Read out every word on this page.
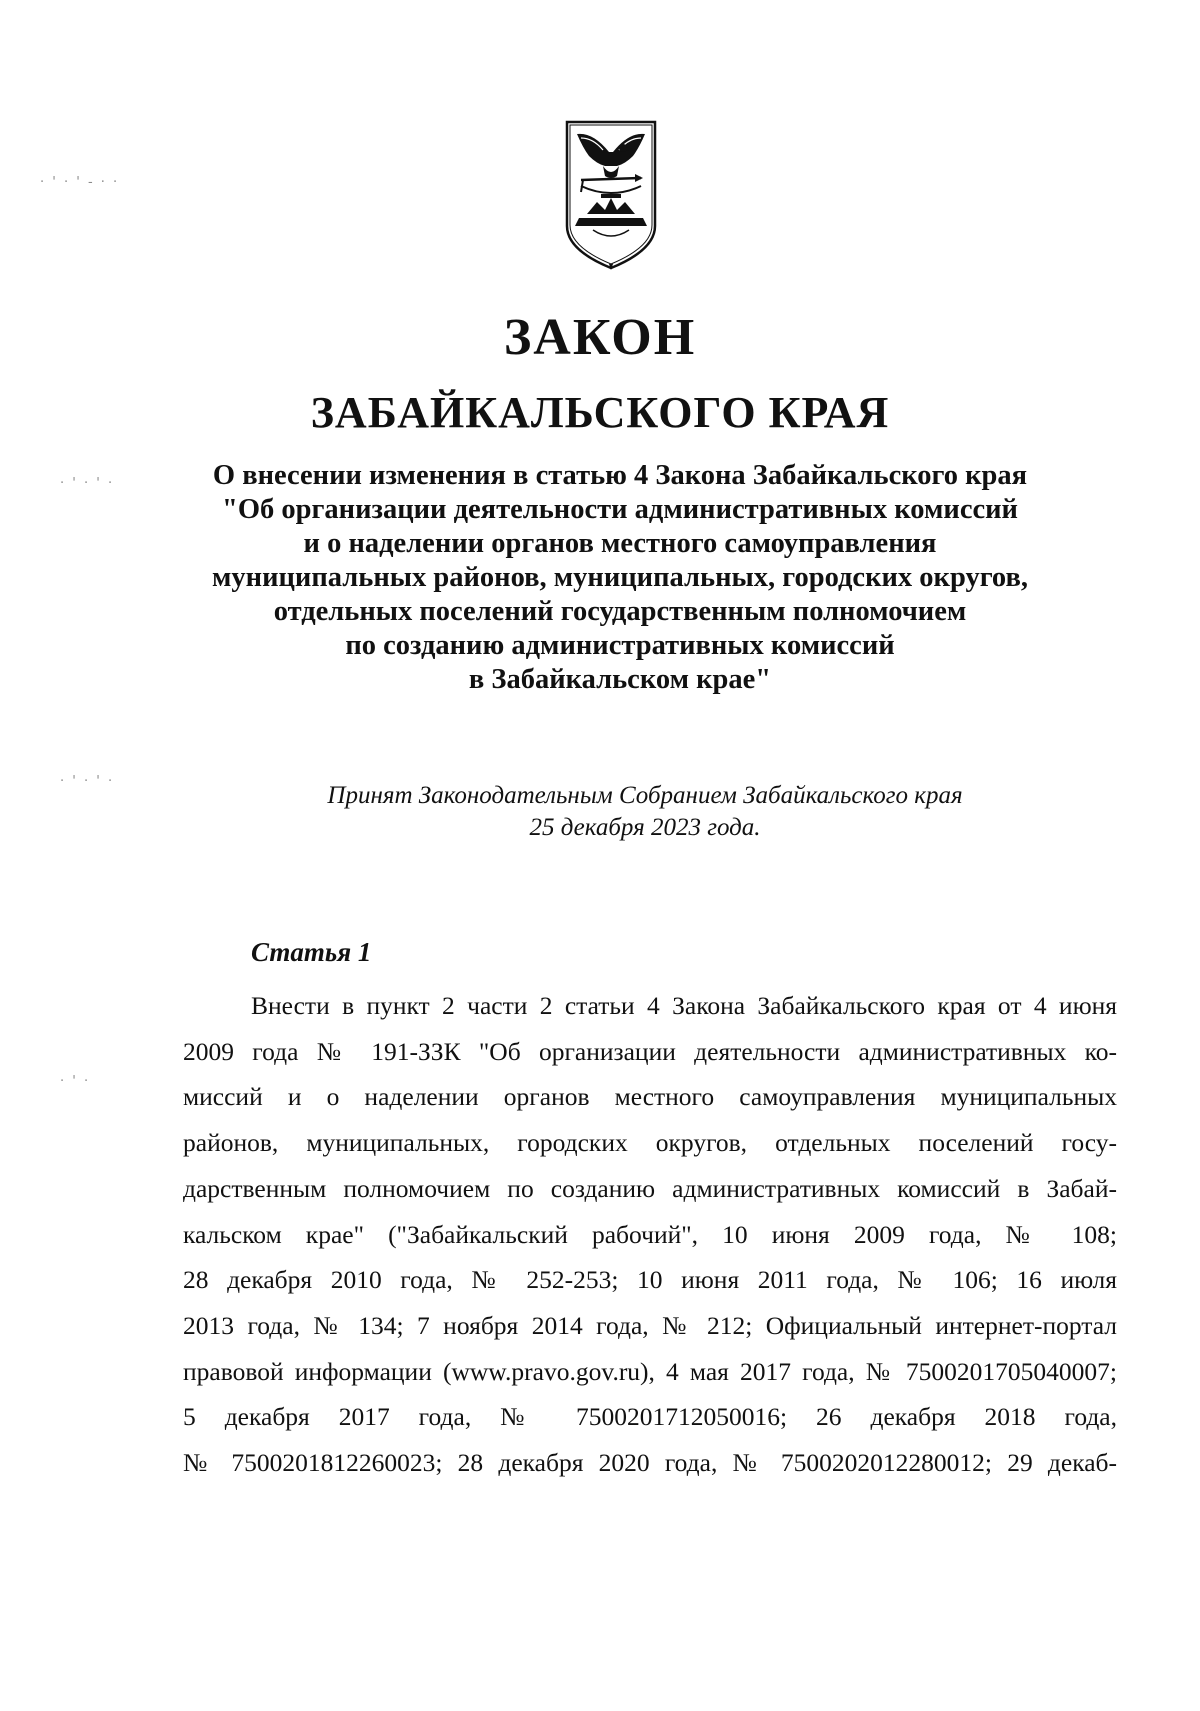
· ' · ' - · ·
· ' · ' ·
· ' · ' ·
· ' ·
ЗАКОН
ЗАБАЙКАЛЬСКОГО КРАЯ
О внесении изменения в статью 4 Закона Забайкальского края
"Об организации деятельности административных комиссий
и о наделении органов местного самоуправления
муниципальных районов, муниципальных, городских округов,
отдельных поселений государственным полномочием
по созданию административных комиссий
в Забайкальском крае"
Принят Законодательным Собранием Забайкальского края
25 декабря 2023 года.
Статья 1
Внести в пункт 2 части 2 статьи 4 Закона Забайкальского края от 4 июня
2009 года № 191-ЗЗК "Об организации деятельности административных ко-
миссий и о наделении органов местного самоуправления муниципальных
районов, муниципальных, городских округов, отдельных поселений госу-
дарственным полномочием по созданию административных комиссий в Забай-
кальском крае" ("Забайкальский рабочий", 10 июня 2009 года, № 108;
28 декабря 2010 года, № 252-253; 10 июня 2011 года, № 106; 16 июля
2013 года, № 134; 7 ноября 2014 года, № 212; Официальный интернет-портал
правовой информации (www.pravo.gov.ru), 4 мая 2017 года, № 7500201705040007;
5 декабря 2017 года, № 7500201712050016; 26 декабря 2018 года,
№ 7500201812260023; 28 декабря 2020 года, № 7500202012280012; 29 декаб-
